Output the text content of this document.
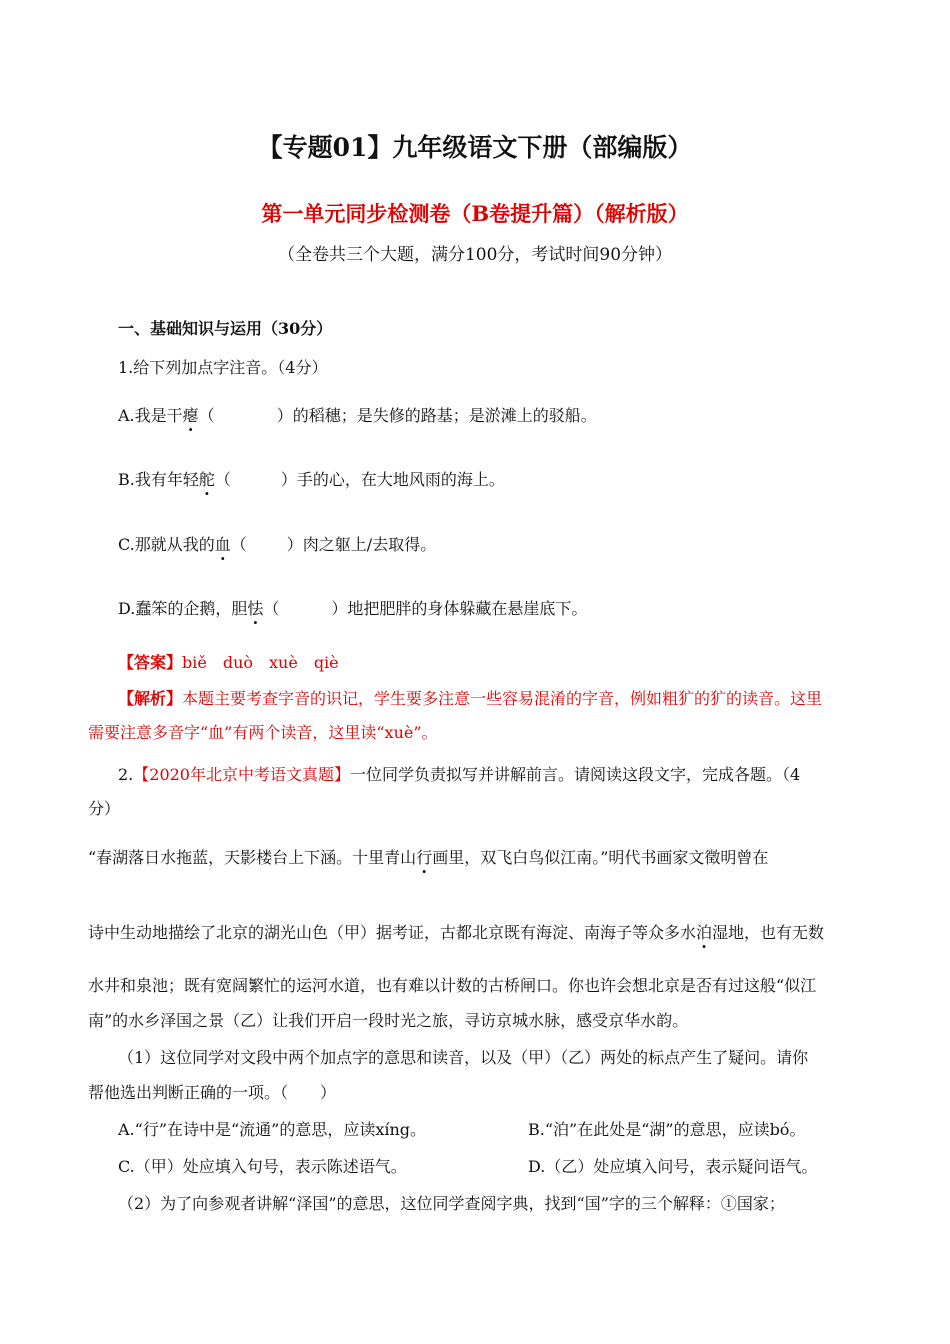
【专题01】九年级语文下册（部编版）
第一单元同步检测卷（B卷提升篇）（解析版）
（全卷共三个大题，满分100分，考试时间90分钟）
一、基础知识与运用（30分）
1.给下列加点字注音。（4分）
A.我是干瘪（	）的稻穗；是失修的路基；是淤滩上的驳船。
B.我有年轻舵（	）手的心，在大地风雨的海上。
C.那就从我的血（	）肉之躯上/去取得。
D.蠢笨的企鹅，胆怯（	）地把肥胖的身体躲藏在悬崖底下。
【答案】biě　duò　xuè　qiè
【解析】本题主要考查字音的识记，学生要多注意一些容易混淆的字音，例如粗犷的犷的读音。这里
需要注意多音字“血”有两个读音，这里读“xuè”。
2.【2020年北京中考语文真题】一位同学负责拟写并讲解前言。请阅读这段文字，完成各题。（4
分）
“春湖落日水拖蓝，天影楼台上下涵。十里青山行画里，双飞白鸟似江南。”明代书画家文徵明曾在
诗中生动地描绘了北京的湖光山色（甲）据考证，古都北京既有海淀、南海子等众多水泊湿地，也有无数
水井和泉池；既有宽阔繁忙的运河水道，也有难以计数的古桥闸口。你也许会想北京是否有过这般“似江
南”的水乡泽国之景（乙）让我们开启一段时光之旅，寻访京城水脉，感受京华水韵。
（1）这位同学对文段中两个加点字的意思和读音，以及（甲）（乙）两处的标点产生了疑问。请你
帮他选出判断正确的一项。（　　）
A.“行”在诗中是“流通”的意思，应读xíng。	B.“泊”在此处是“湖”的意思，应读bó。
C.（甲）处应填入句号，表示陈述语气。	D.（乙）处应填入问号，表示疑问语气。
（2）为了向参观者讲解“泽国”的意思，这位同学查阅字典，找到“国”字的三个解释：①国家；
